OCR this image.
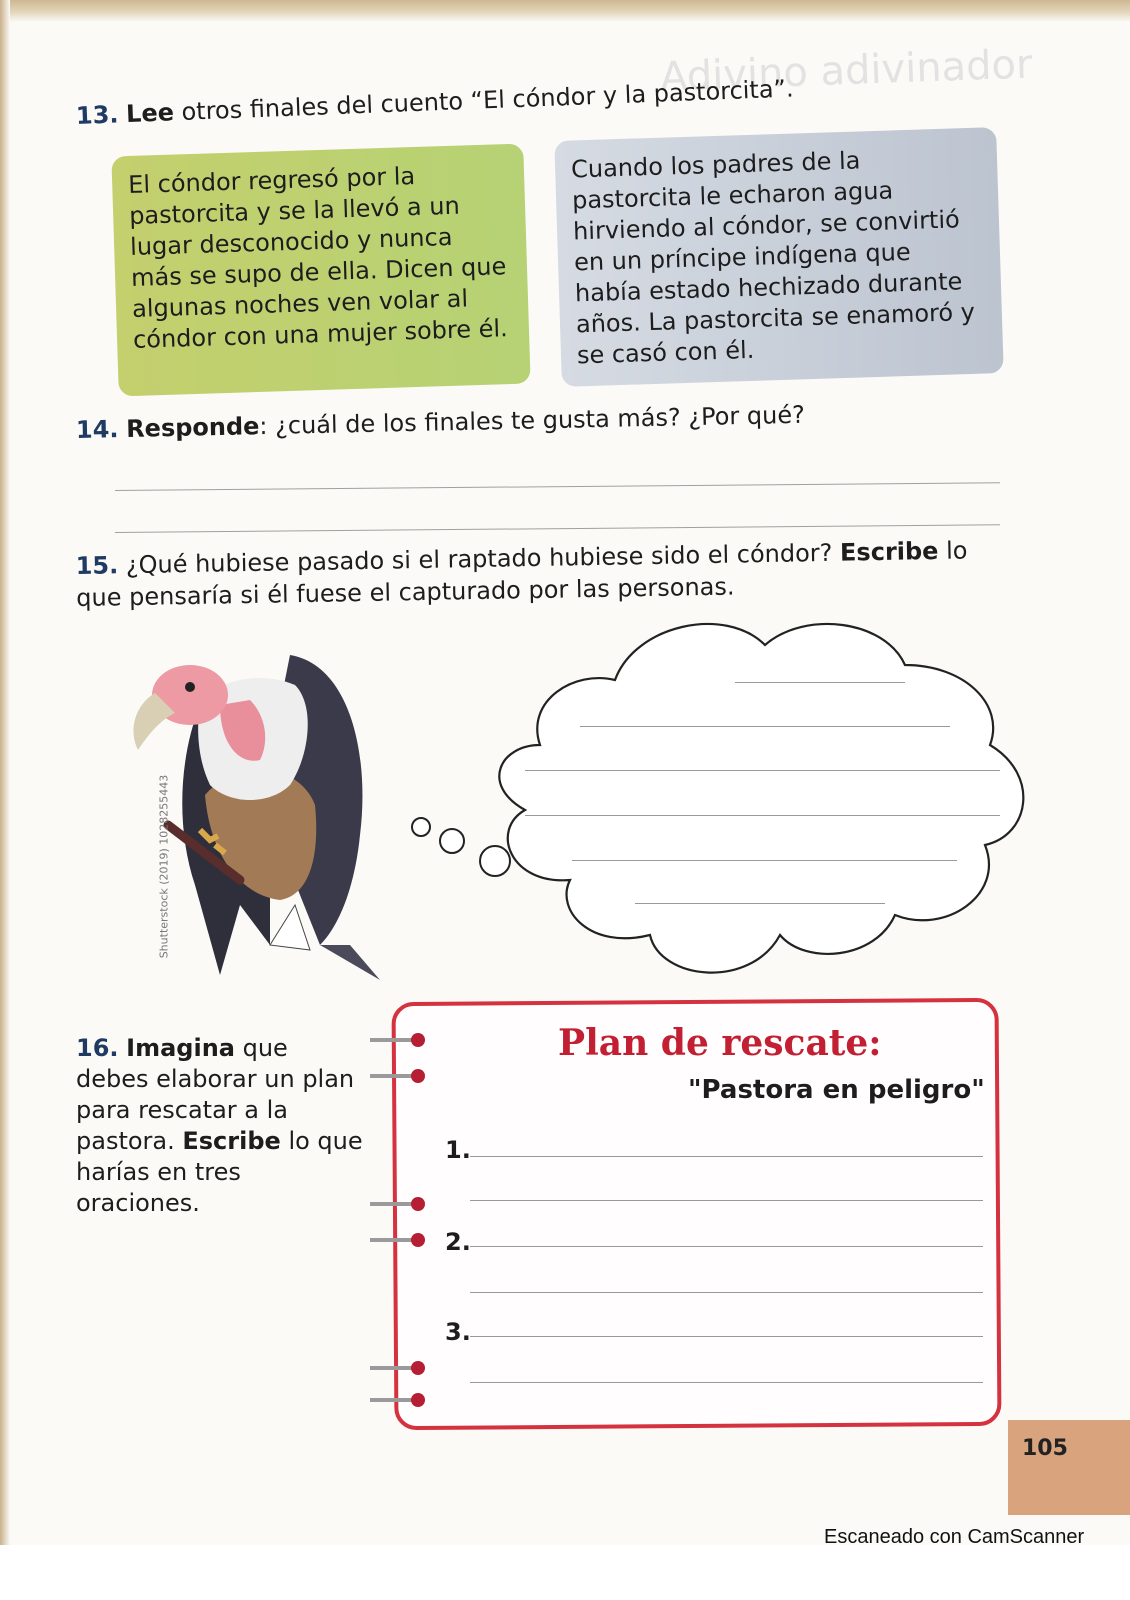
Adivino adivinador
13. Lee otros finales del cuento “El cóndor y la pastorcita”.
El cóndor regresó por la pastorcita y se la llevó a un lugar desconocido y nunca más se supo de ella. Dicen que algunas noches ven volar al cóndor con una mujer sobre él.
Cuando los padres de la pastorcita le echaron agua hirviendo al cóndor, se convirtió en un príncipe indígena que había estado hechizado durante años. La pastorcita se enamoró y se casó con él.
14. Responde: ¿cuál de los finales te gusta más? ¿Por qué?
15. ¿Qué hubiese pasado si el raptado hubiese sido el cóndor? Escribe lo que pensaría si él fuese el capturado por las personas.
Shutterstock (2019) 1028255443
16. Imagina que debes elaborar un plan para rescatar a la pastora. Escribe lo que harías en tres oraciones.
Plan de rescate:
"Pastora en peligro"
1.
2.
3.
105
Escaneado con CamScanner
